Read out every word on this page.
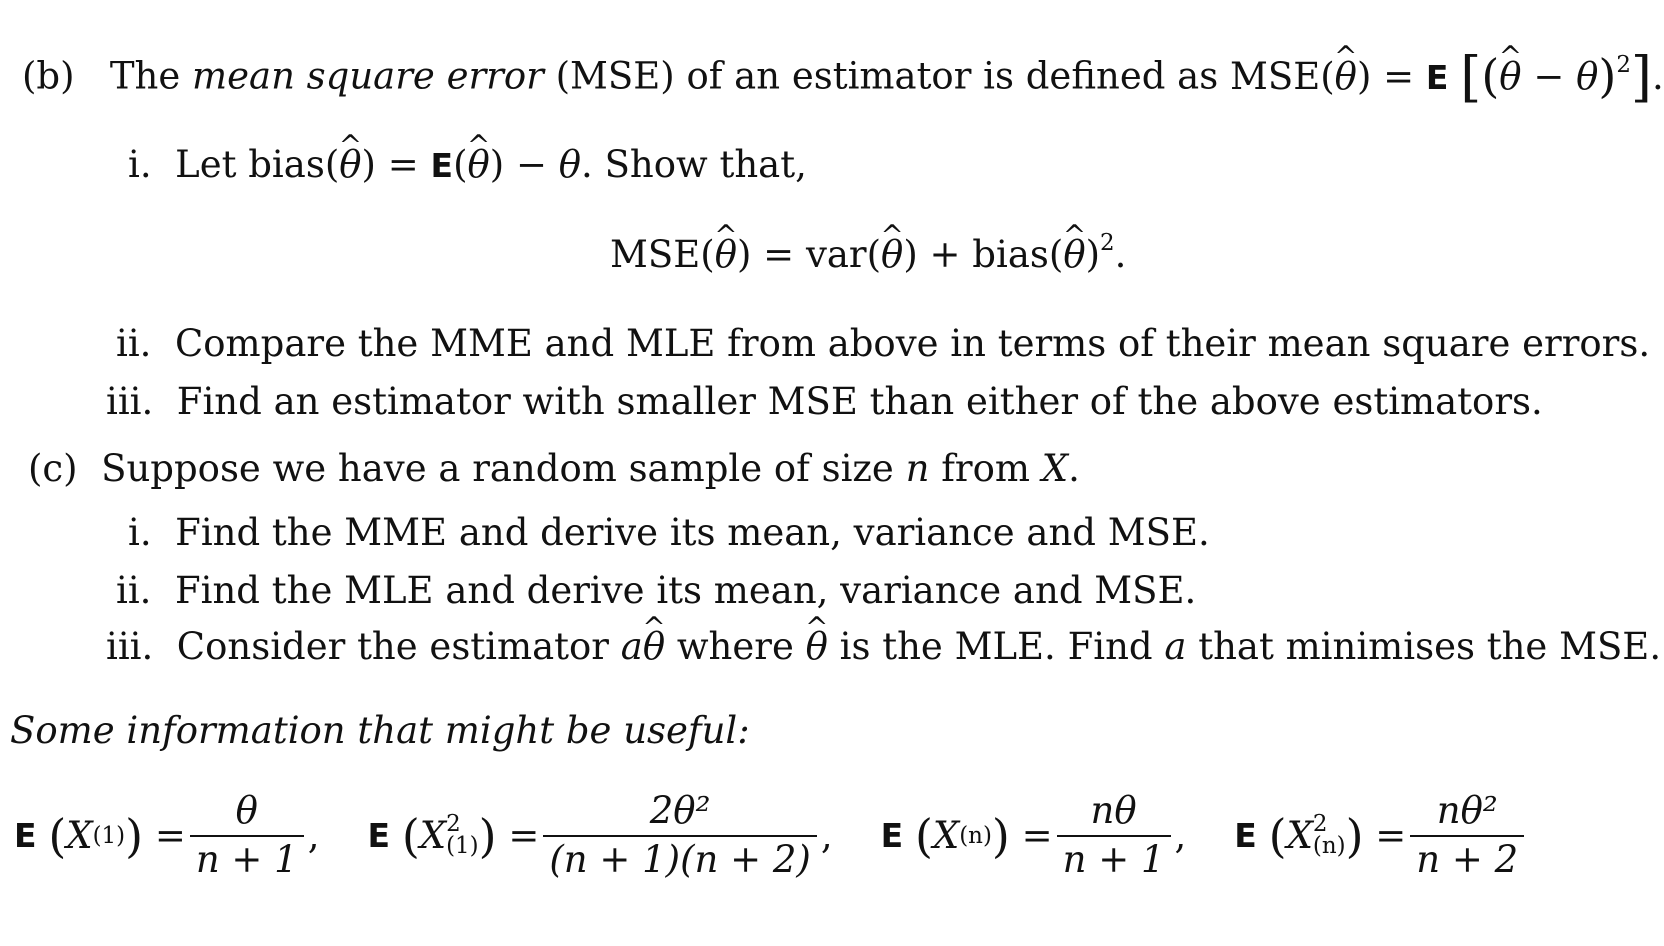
(b) The mean square error (MSE) of an estimator is defined as MSE(θ ^) = E [(θ ^ − θ)$^2$].
i. Let bias(θ ^) = E(θ ^) − θ. Show that,
MSE(θ ^) = var(θ ^) + bias(θ ^)$^2$.
ii. Compare the MME and MLE from above in terms of their mean square errors.
iii. Find an estimator with smaller MSE than either of the above estimators.
(c) Suppose we have a random sample of size n from X.
i. Find the MME and derive its mean, variance and MSE.
ii. Find the MLE and derive its mean, variance and MSE.
iii. Consider the estimator aθ ^ where θ ^ is the MLE. Find a that minimises the MSE.
Some information that might be useful:
E
( X (1) ) = $\frac{\theta}{n + 1}$ , E
( X 2
(1) ) = $\frac{\text{2θ²}}{(n + 1)(n + 2)}$ , E
( X (n) ) = $\frac{n\theta}{n + 1}$ , E
( X 2
(n) ) = $\frac{\text{nθ²}}{n + 2}$
